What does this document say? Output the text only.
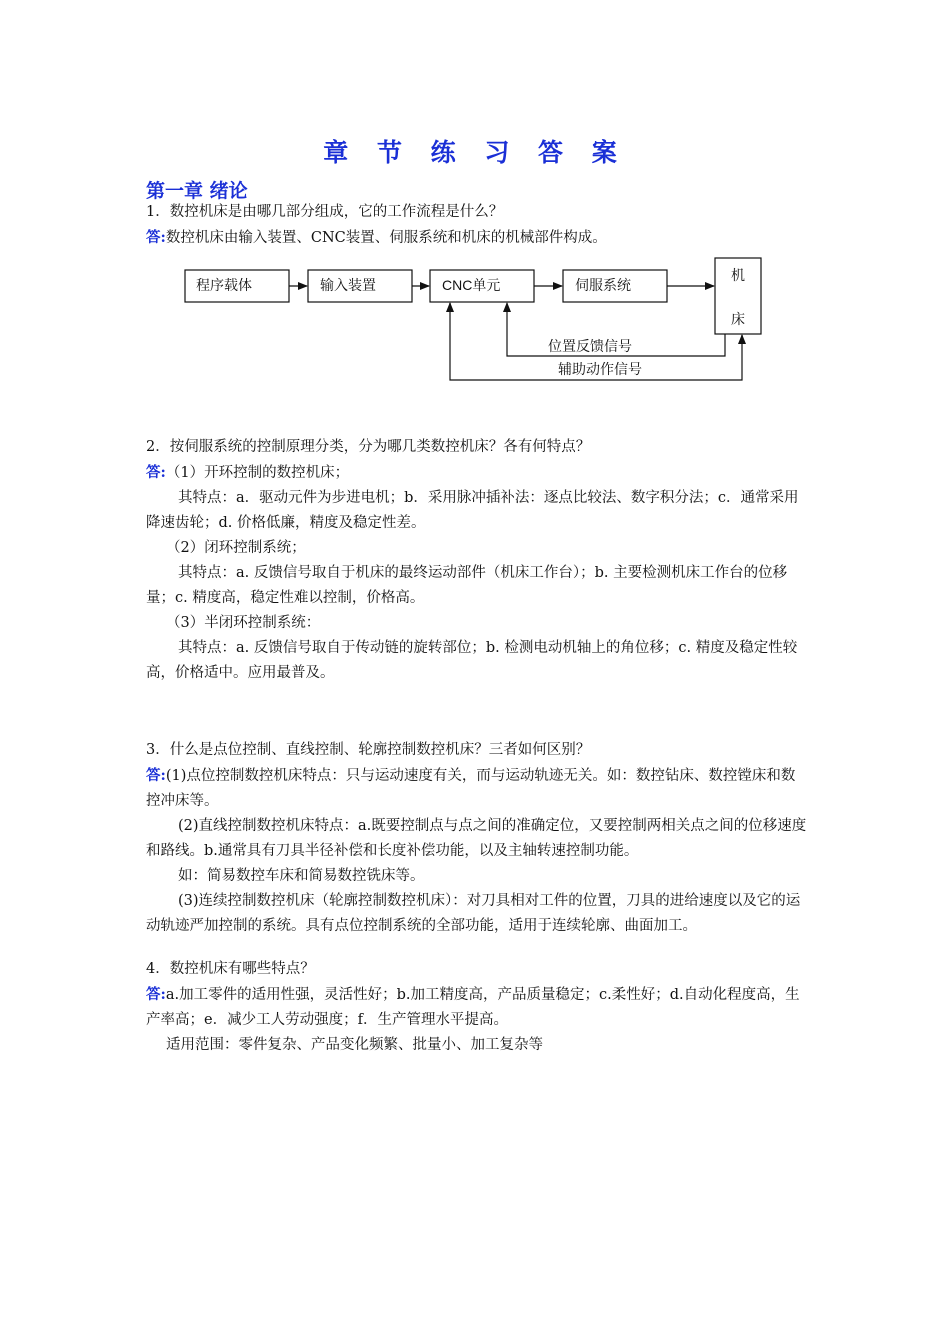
章 节 练 习 答 案
第一章 绪论

1．数控机床是由哪几部分组成，它的工作流程是什么？

答:数控机床由输入装置、CNC装置、伺服系统和机床的机械部件构成。

2．按伺服系统的控制原理分类，分为哪几类数控机床？各有何特点？

答:（1）开环控制的数控机床；

其特点：a．驱动元件为步进电机；b．采用脉冲插补法：逐点比较法、数字积分法；c．通常采用降速齿轮；d. 价格低廉，精度及稳定性差。

（2）闭环控制系统；

其特点：a. 反馈信号取自于机床的最终运动部件（机床工作台）；b. 主要检测机床工作台的位移量；c. 精度高，稳定性难以控制，价格高。

（3）半闭环控制系统：

其特点：a. 反馈信号取自于传动链的旋转部位；b. 检测电动机轴上的角位移；c. 精度及稳定性较高，价格适中。应用最普及。

3．什么是点位控制、直线控制、轮廓控制数控机床？三者如何区别？

答:(1)点位控制数控机床特点：只与运动速度有关，而与运动轨迹无关。如：数控钻床、数控镗床和数控冲床等。

(2)直线控制数控机床特点：a.既要控制点与点之间的准确定位，又要控制两相关点之间的位移速度和路线。b.通常具有刀具半径补偿和长度补偿功能，以及主轴转速控制功能。

如：简易数控车床和简易数控铣床等。

(3)连续控制数控机床（轮廓控制数控机床）：对刀具相对工件的位置，刀具的进给速度以及它的运动轨迹严加控制的系统。具有点位控制系统的全部功能，适用于连续轮廓、曲面加工。

4．数控机床有哪些特点？

答:a.加工零件的适用性强，灵活性好；b.加工精度高，产品质量稳定；c.柔性好；d.自动化程度高，生产率高；e．减少工人劳动强度；f．生产管理水平提高。

适用范围：零件复杂、产品变化频繁、批量小、加工复杂等

程序载体	输入装置	CNC单元	伺服系统
机
床
位置反馈信号
辅助动作信号
